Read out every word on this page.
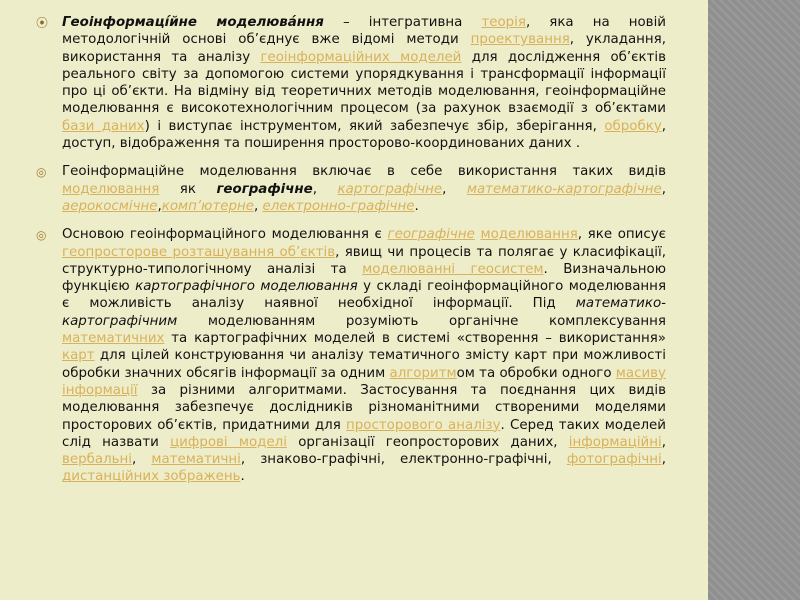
⦿ Геоінформаці́йне моделюва́ння – інтегративна теорія, яка на новій методологічній основі об’єднує вже відомі методи проектування, укладання, використання та аналізу геоінформаційних моделей для дослідження об’єктів реального світу за допомогою системи упорядкування і трансформації інформації про ці об’єкти. На відміну від теоретичних методів моделювання, геоінформаційне моделювання є високотехнологічним процесом (за рахунок взаємодії з об’єктами бази даних) і виступає інструментом, який забезпечує збір, зберігання, обробку, доступ, відображення та поширення просторово-координованих даних .
◎ Геоінформаційне моделювання включає в себе використання таких видів моделювання як географічне, картографічне, математико-картографічне, аерокосмічне,комп’ютерне, електронно-графічне.
◎ Основою геоінформаційного моделювання є географічне моделювання, яке описує геопросторове розташування об’єктів, явищ чи процесів та полягає у класифікації, структурно-типологічному аналізі та моделюванні геосистем. Визначальною функцією картографічного моделювання у складі геоінформаційного моделювання є можливість аналізу наявної необхідної інформації. Під математико-картографічним моделюванням розуміють органічне комплексування математичних та картографічних моделей в системі «створення – використання» карт для цілей конструювання чи аналізу тематичного змісту карт при можливості обробки значних обсягів інформації за одним алгоритмом та обробки одного масиву інформації за різними алгоритмами. Застосування та поєднання цих видів моделювання забезпечує дослідників різноманітними створеними моделями просторових об’єктів, придатними для просторового аналізу. Серед таких моделей слід назвати цифрові моделі організації геопросторових даних, інформаційні, вербальні, математичні, знаково-графічні, електронно-графічні, фотографічні, дистанційних зображень.
